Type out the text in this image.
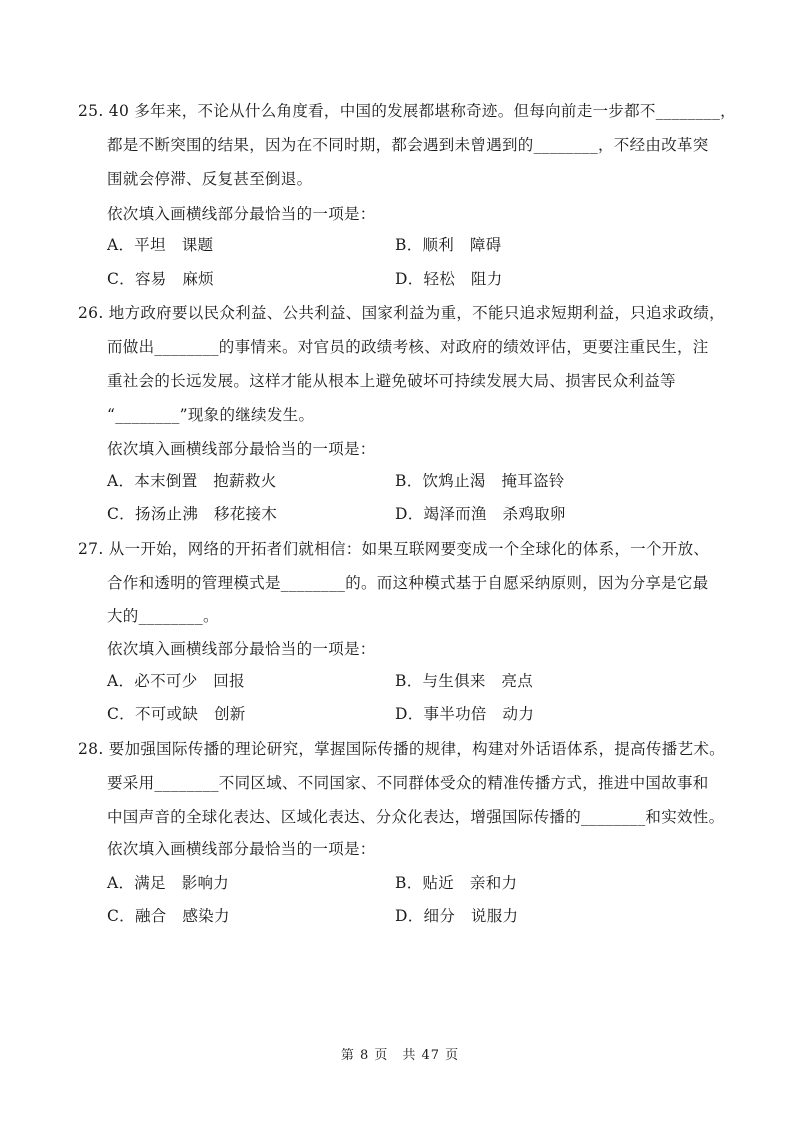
25. 40 多年来，不论从什么角度看，中国的发展都堪称奇迹。但每向前走一步都不________，
都是不断突围的结果，因为在不同时期，都会遇到未曾遇到的________，不经由改革突
围就会停滞、反复甚至倒退。
依次填入画横线部分最恰当的一项是：
A．平坦　课题	B．顺利　障碍
C．容易　麻烦	D．轻松　阻力
26. 地方政府要以民众利益、公共利益、国家利益为重，不能只追求短期利益，只追求政绩，
而做出________的事情来。对官员的政绩考核、对政府的绩效评估，更要注重民生，注
重社会的长远发展。这样才能从根本上避免破坏可持续发展大局、损害民众利益等
“________”现象的继续发生。
依次填入画横线部分最恰当的一项是：
A．本末倒置　抱薪救火	B．饮鸩止渴　掩耳盗铃
C．扬汤止沸　移花接木	D．竭泽而渔　杀鸡取卵
27. 从一开始，网络的开拓者们就相信：如果互联网要变成一个全球化的体系，一个开放、
合作和透明的管理模式是________的。而这种模式基于自愿采纳原则，因为分享是它最
大的________。
依次填入画横线部分最恰当的一项是：
A．必不可少　回报	B．与生俱来　亮点
C．不可或缺　创新	D．事半功倍　动力
28. 要加强国际传播的理论研究，掌握国际传播的规律，构建对外话语体系，提高传播艺术。
要采用________不同区域、不同国家、不同群体受众的精准传播方式，推进中国故事和
中国声音的全球化表达、区域化表达、分众化表达，增强国际传播的________和实效性。
依次填入画横线部分最恰当的一项是：
A．满足　影响力	B．贴近　亲和力
C．融合　感染力	D．细分　说服力
第 8 页　共 47 页
